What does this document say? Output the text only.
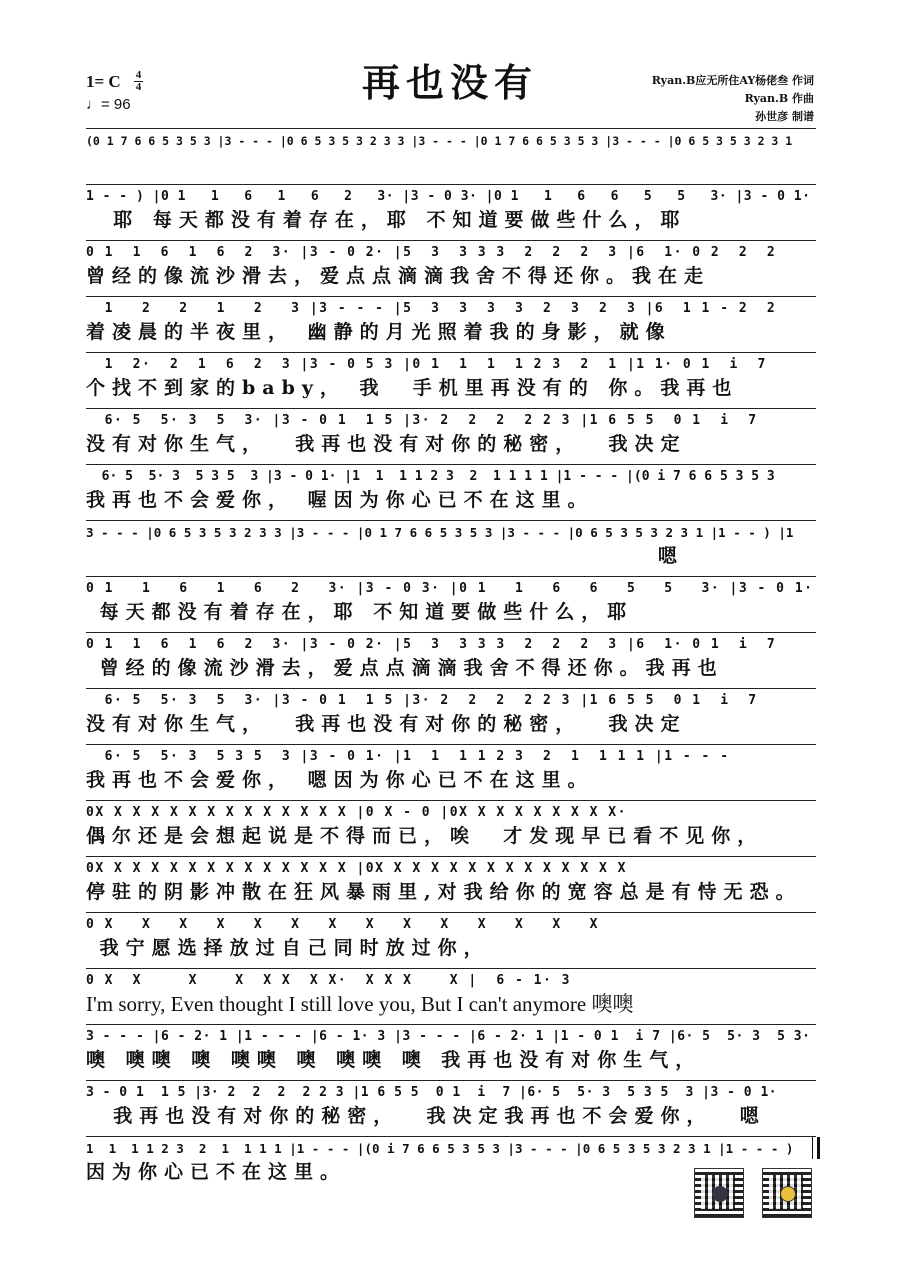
1= C 4
4
♩= 96	再也没有	Ryan.B应无所住AY杨佬叁 作词
Ryan.B 作曲
孙世彦 制谱
(0 1 7 6 6 5 3 5 3 |3 - - - |0 6 5 3 5 3 2 3 3 |3 - - - |0 1 7 6 6 5 3 5 3 |3 - - - |0 6 5 3 5 3 2 3 1
1 - - ) |0 1   1   6   1   6   2   3· |3 - 0 3· |0 1   1   6   6   5   5   3· |3 - 0 1·
耶 每天都没有着存在，耶 不知道要做些什么，耶
0 1  1  6  1  6  2  3· |3 - 0 2· |5  3  3 3 3  2  2  2  3 |6  1· 0 2  2  2
曾经的像流沙滑去，爱点点滴滴我舍不得还你。我在走
1   2   2   1   2   3 |3 - - - |5  3  3  3  3  2  3  2  3 |6  1 1 - 2  2
着凌晨的半夜里， 幽静的月光照着我的身影，就像
1  2·  2  1  6  2  3 |3 - 0 5 3 |0 1  1  1  1 2 3  2  1 |1 1· 0 1  i  7
个找不到家的baby， 我  手机里再没有的 你。我再也
6· 5  5· 3  5  3· |3 - 0 1  1 5 |3· 2  2  2  2 2 3 |1 6 5 5  0 1  i  7
没有对你生气，  我再也没有对你的秘密，  我决定
6· 5  5· 3  5 3 5  3 |3 - 0 1· |1  1  1 1 2 3  2  1 1 1 1 |1 - - - |(0 i 7 6 6 5 3 5 3
我再也不会爱你， 喔因为你心已不在这里。
3 - - - |0 6 5 3 5 3 2 3 3 |3 - - - |0 1 7 6 6 5 3 5 3 |3 - - - |0 6 5 3 5 3 2 3 1 |1 - - ) |1
嗯
0 1   1   6   1   6   2   3· |3 - 0 3· |0 1   1   6   6   5   5   3· |3 - 0 1·
每天都没有着存在，耶 不知道要做些什么，耶
0 1  1  6  1  6  2  3· |3 - 0 2· |5  3  3 3 3  2  2  2  3 |6  1· 0 1  i  7
曾经的像流沙滑去，爱点点滴滴我舍不得还你。我再也
6· 5  5· 3  5  3· |3 - 0 1  1 5 |3· 2  2  2  2 2 3 |1 6 5 5  0 1  i  7
没有对你生气，  我再也没有对你的秘密，  我决定
6· 5  5· 3  5 3 5  3 |3 - 0 1· |1  1  1 1 2 3  2  1  1 1 1 |1 - - -
我再也不会爱你， 嗯因为你心已不在这里。
0X X X X X X X X X X X X X X |0 X - 0 |0X X X X X X X X X·
偶尔还是会想起说是不得而已，唉  才发现早已看不见你，
0X X X X X X X X X X X X X X |0X X X X X X X X X X X X X X
停驻的阴影冲散在狂风暴雨里,对我给你的宽容总是有恃无恐。
0 X   X   X   X   X   X   X   X   X   X   X   X   X   X
我宁愿选择放过自己同时放过你，
0 X  X     X    X  X X  X X·  X X X    X |  6 - 1· 3
I'm sorry, Even thought I still love you, But I can't anymore 噢噢
3 - - - |6 - 2· 1 |1 - - - |6 - 1· 3 |3 - - - |6 - 2· 1 |1 - 0 1  i 7 |6· 5  5· 3  5 3·
噢 噢噢 噢 噢噢 噢 噢噢 噢 我再也没有对你生气，
3 - 0 1  1 5 |3· 2  2  2  2 2 3 |1 6 5 5  0 1  i  7 |6· 5  5· 3  5 3 5  3 |3 - 0 1·
我再也没有对你的秘密，  我决定我再也不会爱你，  嗯
1  1  1 1 2 3  2  1  1 1 1 |1 - - - |(0 i 7 6 6 5 3 5 3 |3 - - - |0 6 5 3 5 3 2 3 1 |1 - - - )
因为你心已不在这里。
